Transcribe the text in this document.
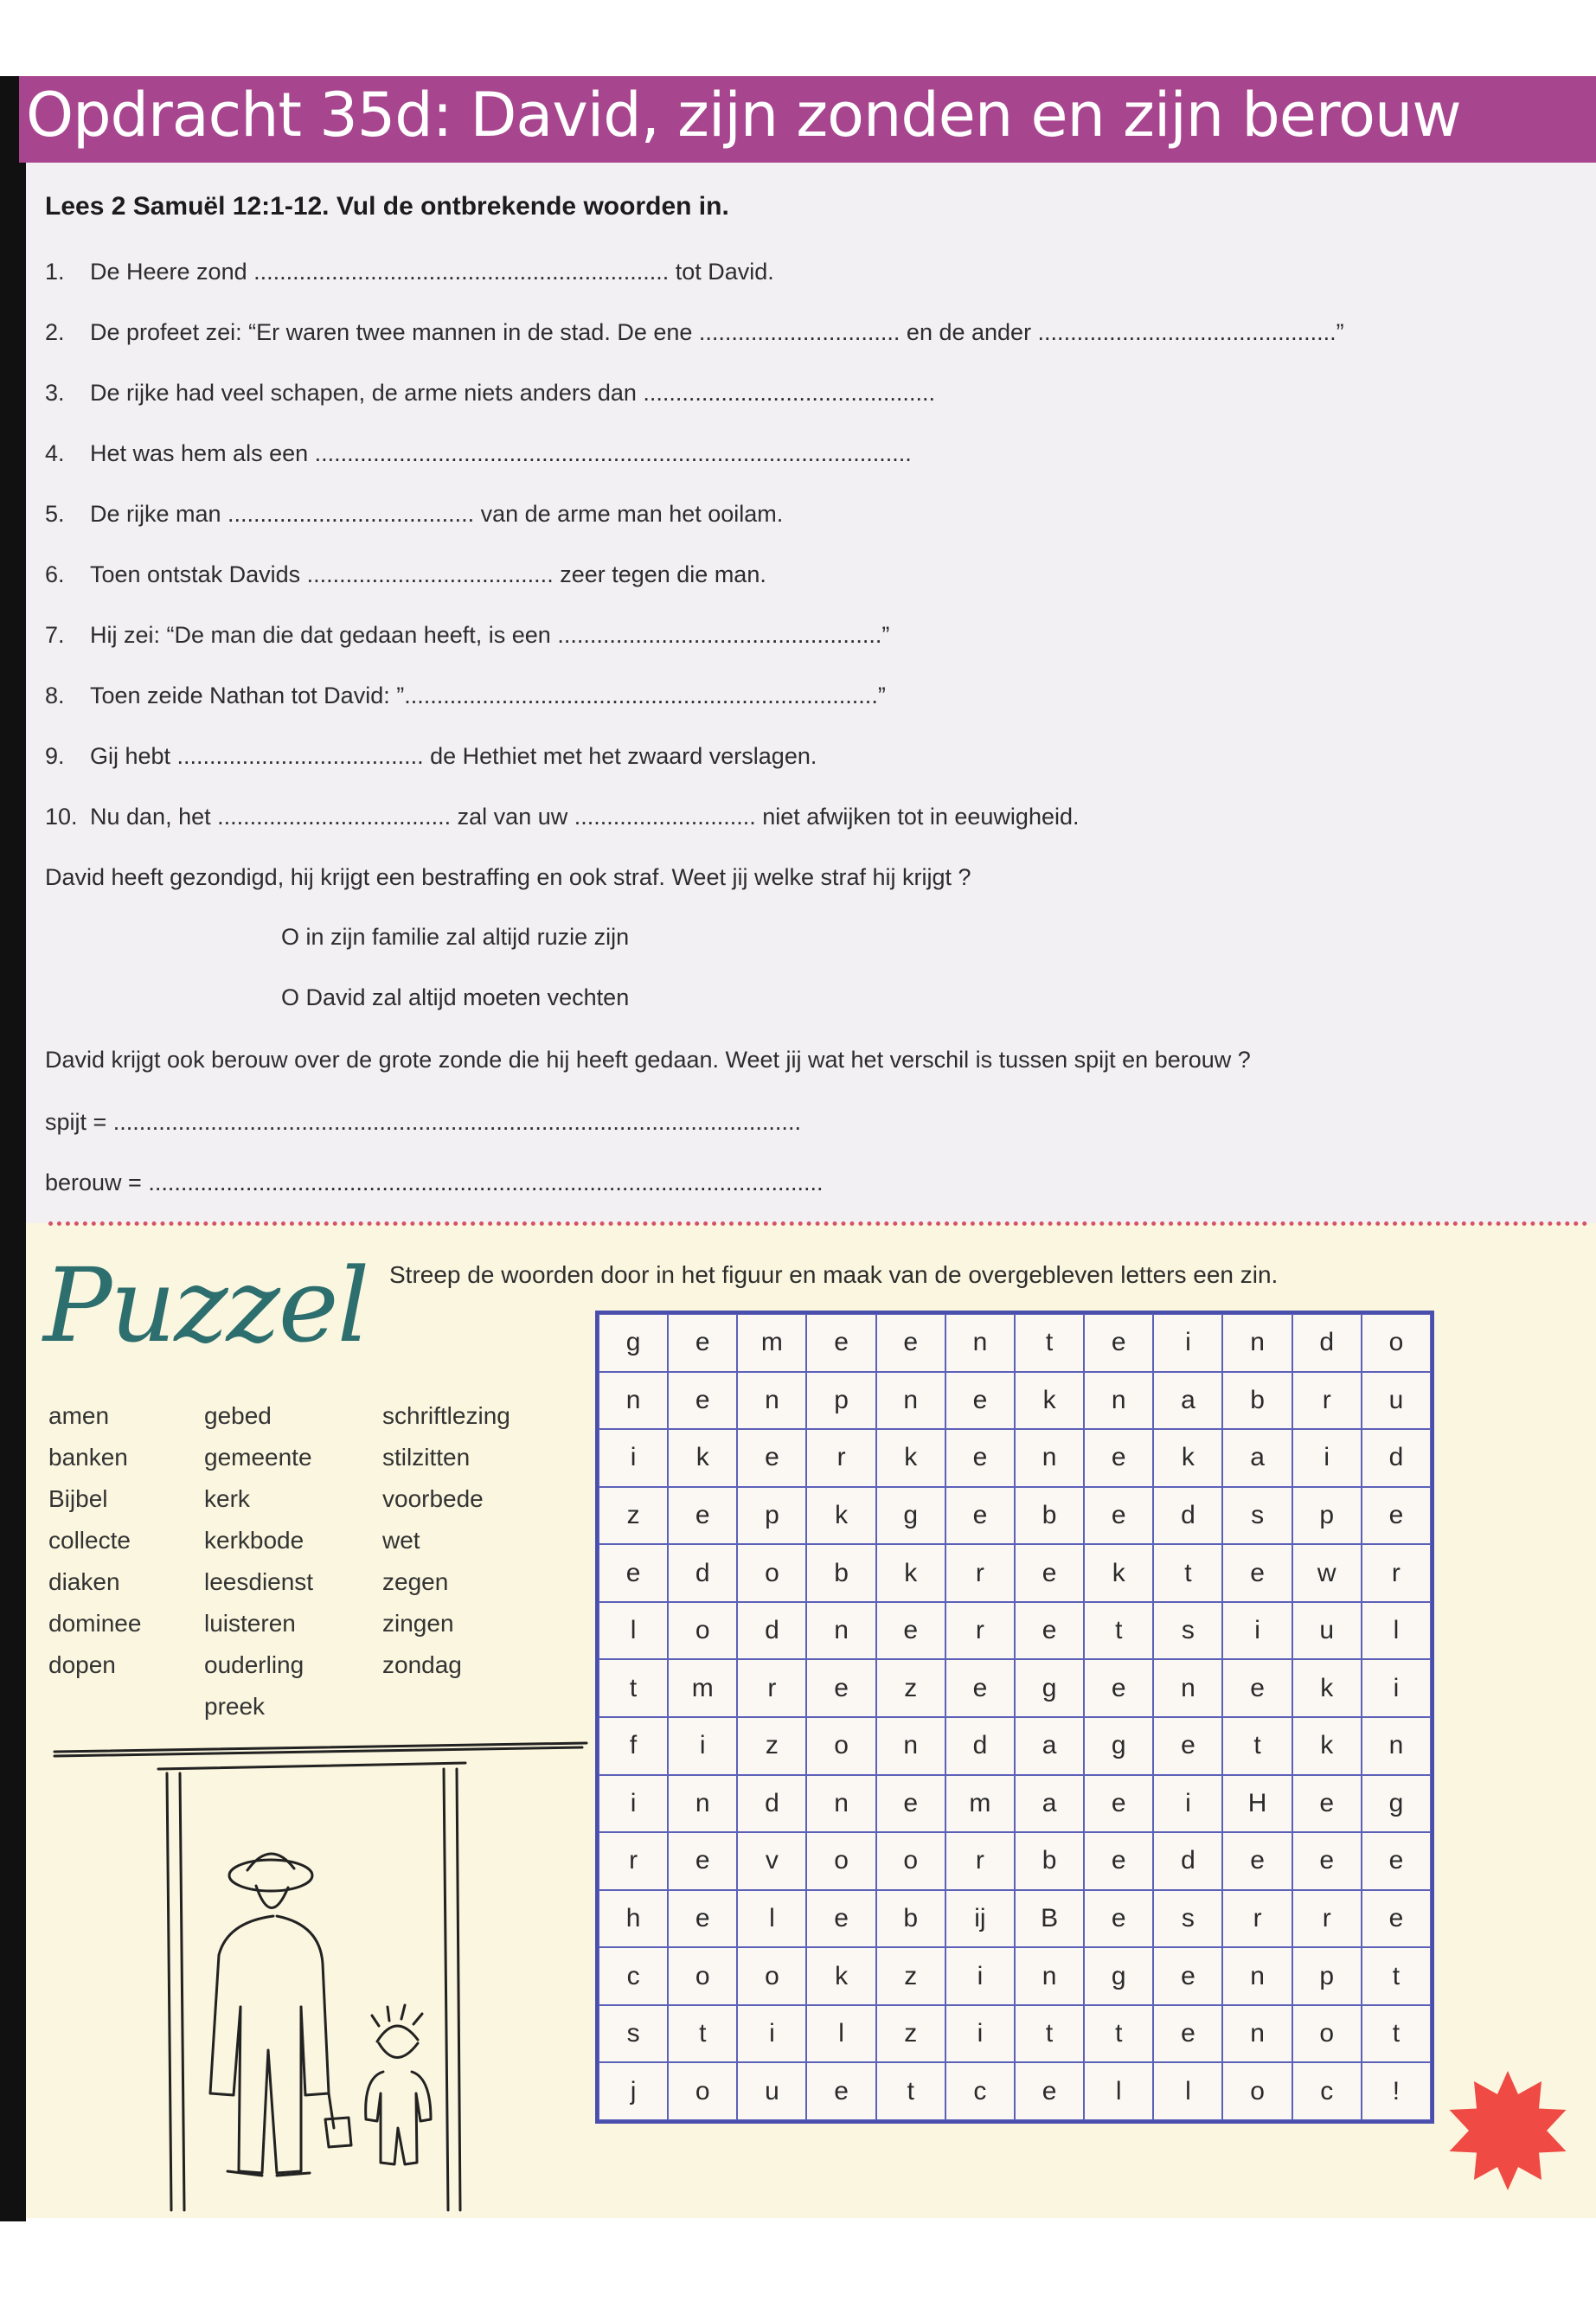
Opdracht 35d: David, zijn zonden en zijn berouw
Lees 2 Samuël 12:1-12. Vul de ontbrekende woorden in.
1. De Heere zond ................................................................ tot David.
2. De profeet zei: “Er waren twee mannen in de stad. De ene ............................... en de ander ..............................................”
3. De rijke had veel schapen, de arme niets anders dan .............................................
4. Het was hem als een ............................................................................................
5. De rijke man ...................................... van de arme man het ooilam.
6. Toen ontstak Davids ...................................... zeer tegen die man.
7. Hij zei: “De man die dat gedaan heeft, is een ..................................................”
8. Toen zeide Nathan tot David: ”.........................................................................”
9. Gij hebt ...................................... de Hethiet met het zwaard verslagen.
10. Nu dan, het .................................... zal van uw ............................ niet afwijken tot in eeuwigheid.
David heeft gezondigd, hij krijgt een bestraffing en ook straf. Weet jij welke straf hij krijgt ?
O in zijn familie zal altijd ruzie zijn
O David zal altijd moeten vechten
David krijgt ook berouw over de grote zonde die hij heeft gedaan. Weet jij wat het verschil is tussen spijt en berouw ?
spijt = ..........................................................................................................
berouw = ........................................................................................................
Puzzel Streep de woorden door in het figuur en maak van de overgebleven letters een zin.
amen
banken
Bijbel
collecte
diaken
dominee
dopen
gebed
gemeente
kerk
kerkbode
leesdienst
luisteren
ouderling
preek
schriftlezing
stilzitten
voorbede
wet
zegen
zingen
zondag
g	e	m	e	e	n	t	e	i	n	d	o
n	e	n	p	n	e	k	n	a	b	r	u
i	k	e	r	k	e	n	e	k	a	i	d
z	e	p	k	g	e	b	e	d	s	p	e
e	d	o	b	k	r	e	k	t	e	w	r
l	o	d	n	e	r	e	t	s	i	u	l
t	m	r	e	z	e	g	e	n	e	k	i
f	i	z	o	n	d	a	g	e	t	k	n
i	n	d	n	e	m	a	e	i	H	e	g
r	e	v	o	o	r	b	e	d	e	e	e
h	e	l	e	b	ij	B	e	s	r	r	e
c	o	o	k	z	i	n	g	e	n	p	t
s	t	i	l	z	i	t	t	e	n	o	t
j	o	u	e	t	c	e	l	l	o	c	!
